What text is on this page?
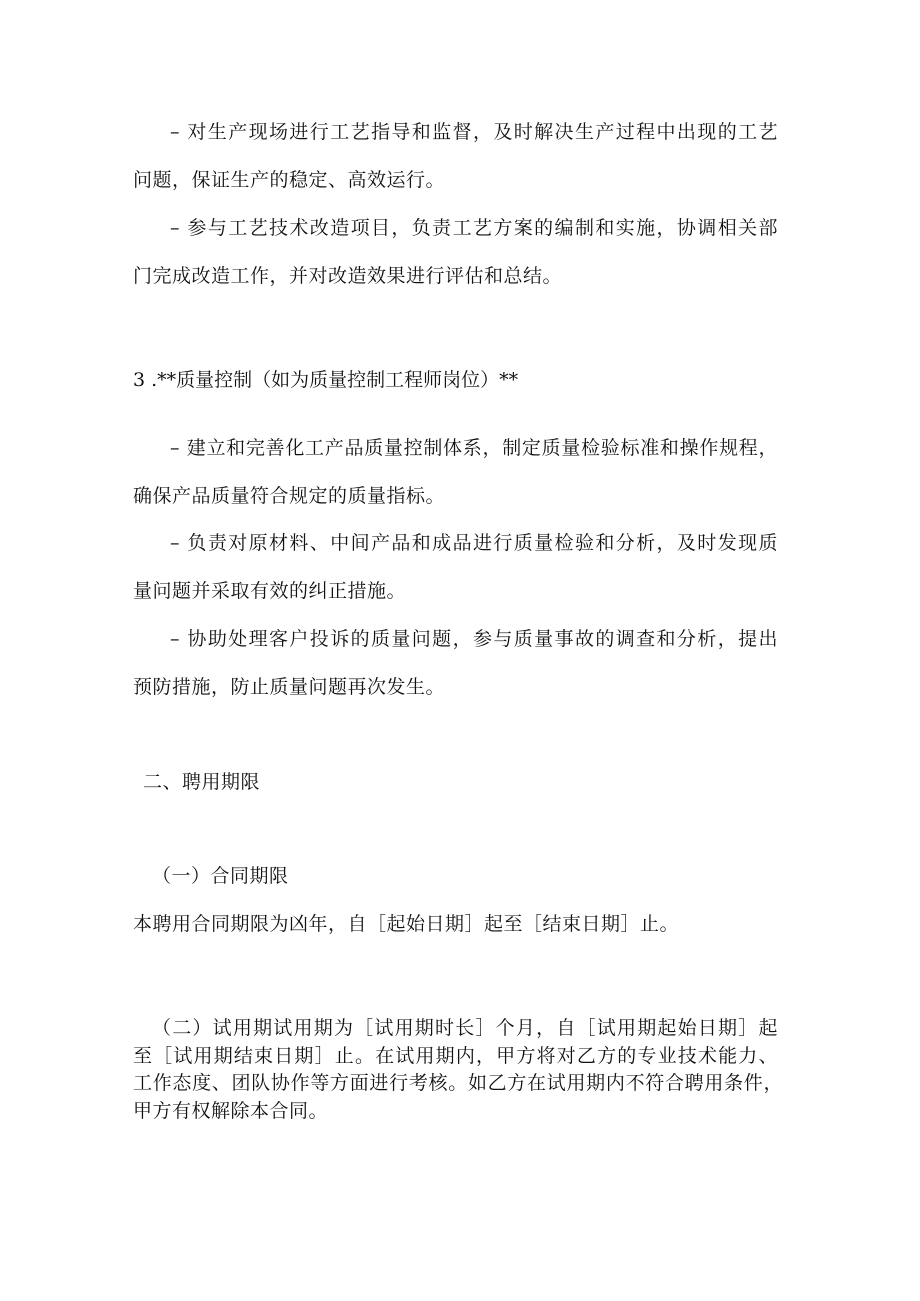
– 对生产现场进行工艺指导和监督，及时解决生产过程中出现的工艺
问题，保证生产的稳定、高效运行。
– 参与工艺技术改造项目，负责工艺方案的编制和实施，协调相关部
门完成改造工作，并对改造效果进行评估和总结。
3 .**质量控制（如为质量控制工程师岗位）**
– 建立和完善化工产品质量控制体系，制定质量检验标准和操作规程，
确保产品质量符合规定的质量指标。
– 负责对原材料、中间产品和成品进行质量检验和分析，及时发现质
量问题并采取有效的纠正措施。
– 协助处理客户投诉的质量问题，参与质量事故的调查和分析，提出
预防措施，防止质量问题再次发生。
二、聘用期限
（一）合同期限
本聘用合同期限为凶年，自［起始日期］起至［结束日期］止。
（二）试用期试用期为［试用期时长］个月，自［试用期起始日期］起
至［试用期结束日期］止。在试用期内，甲方将对乙方的专业技术能力、
工作态度、团队协作等方面进行考核。如乙方在试用期内不符合聘用条件，
甲方有权解除本合同。
